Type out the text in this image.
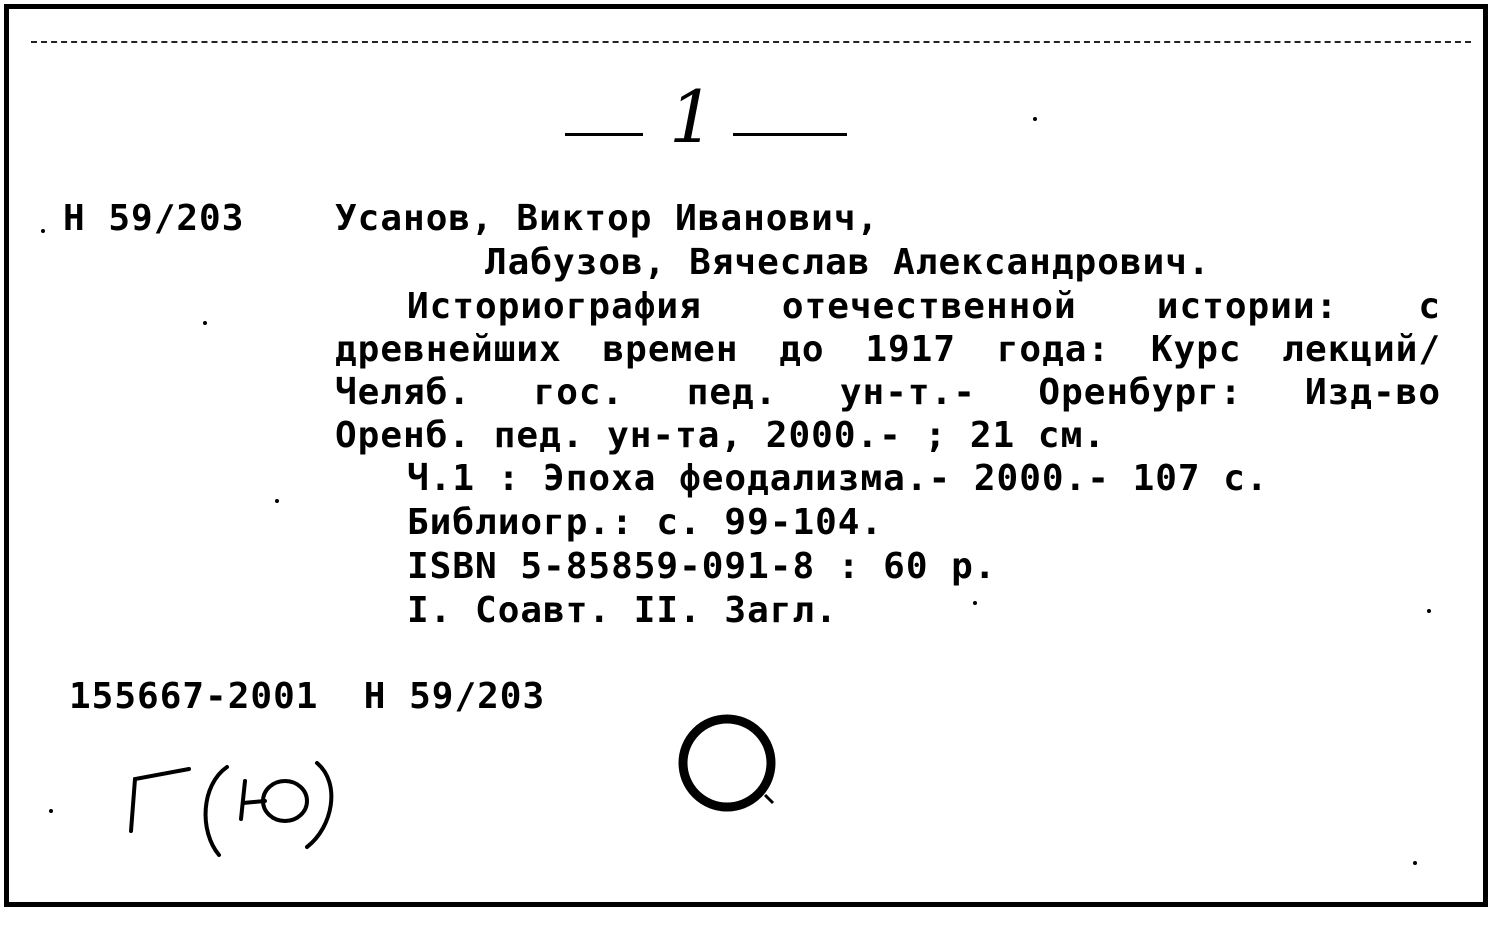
1
Н 59/203	Усанов, Виктор Иванович,
Лабузов, Вячеслав Александрович.
Историография отечественной истории: с
древнейших времен до 1917 года: Курс лекций/
Челяб. гос. пед. ун-т.- Оренбург: Изд-во
Оренб. пед. ун-та, 2000.- ; 21 см.
Ч.1 : Эпоха феодализма.- 2000.- 107 с.
Библиогр.: с. 99-104.
ISBN 5-85859-091-8 : 60 р.
I. Соавт. II. Загл.
155667-2001  Н 59/203
